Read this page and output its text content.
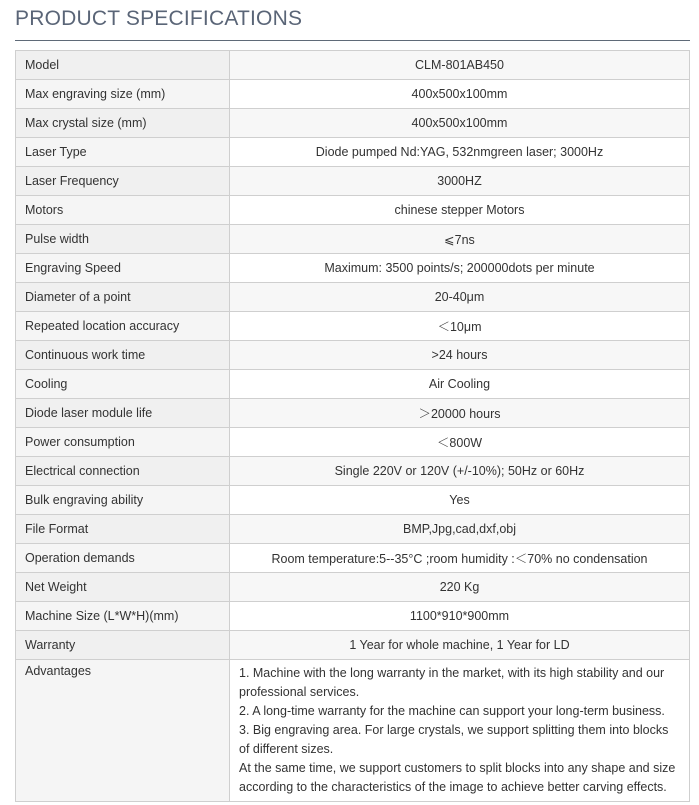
PRODUCT SPECIFICATIONS
Model	CLM-801AB450
Max engraving size (mm)	400x500x100mm
Max crystal size (mm)	400x500x100mm
Laser Type	Diode pumped Nd:YAG, 532nmgreen laser; 3000Hz
Laser Frequency	3000HZ
Motors	chinese stepper Motors
Pulse width	⩽7ns
Engraving Speed	Maximum: 3500 points/s; 200000dots per minute
Diameter of a point	20-40μm
Repeated location accuracy	＜10μm
Continuous work time	>24 hours
Cooling	Air Cooling
Diode laser module life	＞20000 hours
Power consumption	＜800W
Electrical connection	Single 220V or 120V (+/-10%); 50Hz or 60Hz
Bulk engraving ability	Yes
File Format	BMP,Jpg,cad,dxf,obj
Operation demands	Room temperature:5--35°C ;room humidity :＜70% no condensation
Net Weight	220 Kg
Machine Size (L*W*H)(mm)	1100*910*900mm
Warranty	1 Year for whole machine, 1 Year for LD
Advantages	1. Machine with the long warranty in the market, with its high stability and our professional services.
2. A long-time warranty for the machine can support your long-term business.
3. Big engraving area. For large crystals, we support splitting them into blocks of different sizes.
At the same time, we support customers to split blocks into any shape and size according to the characteristics of the image to achieve better carving effects.
